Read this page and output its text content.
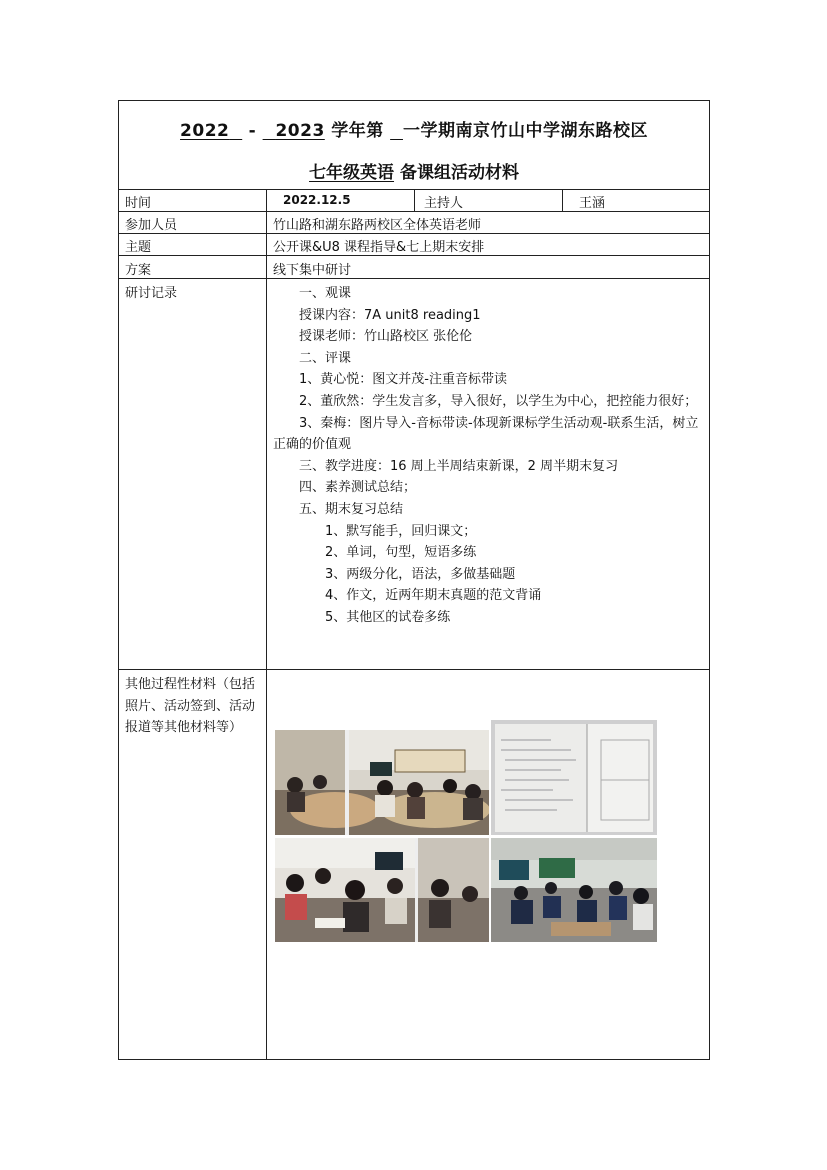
2022 - 2023 学年第 一学期南京竹山中学湖东路校区
七年级英语 备课组活动材料
时间	2022.12.5	主持人	王涵
参加人员	竹山路和湖东路两校区全体英语老师
主题	公开课&U8 课程指导&七上期末安排
方案	线下集中研讨
研讨记录	一、观课
授课内容：7A unit8 reading1
授课老师：竹山路校区 张伦伦
二、评课
1、黄心悦：图文并茂-注重音标带读
2、董欣然：学生发言多，导入很好，以学生为中心，把控能力很好；
3、秦梅：图片导入-音标带读-体现新课标学生活动观-联系生活，树立正确的价值观
三、教学进度：16 周上半周结束新课，2 周半期末复习
四、素养测试总结；
五、期末复习总结
1、默写能手，回归课文；
2、单词，句型，短语多练
3、两级分化，语法，多做基础题
4、作文，近两年期末真题的范文背诵
5、其他区的试卷多练
其他过程性材料（包括照片、活动签到、活动报道等其他材料等）
